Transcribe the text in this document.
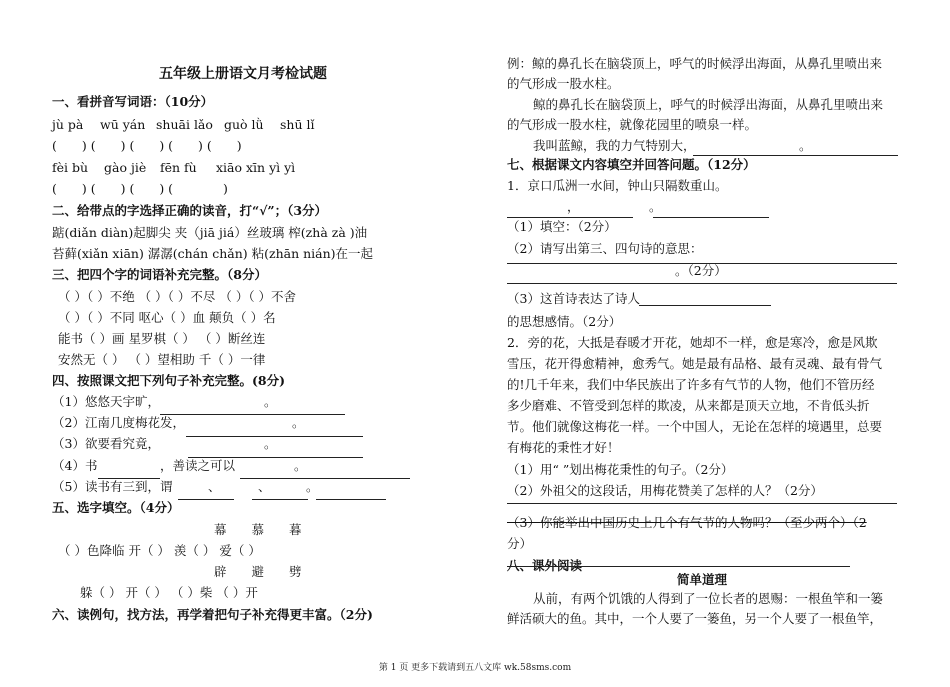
五年级上册语文月考检试题
一、看拼音写词语：（10分）
jù pà wū yán shuāi lǎo guò lǜ shū lǐ
(　　) (　　) (　　) (　　) (　　)
fèi bù gào jiè fēn fù xiāo xīn yì yì
(　　) (　　) (　　) (　　　　)
二、给带点的字选择正确的读音，打“√”；（3分）
踮(diǎn diàn)起脚尖 夹（jiā jiá）丝玻璃 榨(zhà zà )油
苔藓(xiǎn xiān) 潺潺(chán chǎn) 粘(zhān nián)在一起
三、把四个字的词语补充完整。（8分）
（ ）（ ）不绝 （ ）（ ）不尽 （ ）（ ）不舍
（ ）（ ）不同 呕心（ ）血 颠负（ ）名
能书（ ）画 星罗棋（ ） （ ）断丝连
安然无（ ） （ ）望相助 千（ ）一律
四、按照课文把下列句子补充完整。(8分)
（1）悠悠天宇旷，	。
（2）江南几度梅花发，	。
（3）欲要看究竟，	。
（4）书	，善读之可以	。
（5）读书有三到，谓	、	、	。
五、选字填空。（4分）
幕　　慕　　暮
（ ）色降临 开（ ） 羡（ ） 爱（ ）
辟　　避　　劈
躲（ ） 开（ ） （ ）柴 （ ）开
六、读例句，找方法，再学着把句子补充得更丰富。（2分)
例：鲸的鼻孔长在脑袋顶上，呼气的时候浮出海面，从鼻孔里喷出来
的气形成一股水柱。
鲸的鼻孔长在脑袋顶上，呼气的时候浮出海面，从鼻孔里喷出来
的气形成一股水柱，就像花园里的喷泉一样。
我叫蓝鲸，我的力气特别大，	。
七、根据课文内容填空并回答问题。（12分）
1．京口瓜洲一水间，钟山只隔数重山。
，	。
（1）填空：（2分）
（2）请写出第三、四句诗的意思：
。（2分）
（3）这首诗表达了诗人
的思想感情。（2分）
2．旁的花，大抵是春暖才开花，她却不一样，愈是寒冷，愈是风欺
雪压，花开得愈精神，愈秀气。她是最有品格、最有灵魂、最有骨气
的!几千年来，我们中华民族出了许多有气节的人物，他们不管历经
多少磨难、不管受到怎样的欺凌，从来都是顶天立地，不肯低头折
节。他们就像这梅花一样。一个中国人，无论在怎样的境遇里，总要
有梅花的秉性才好！
（1）用“ ”划出梅花秉性的句子。（2分）
（2）外祖父的这段话，用梅花赞美了怎样的人？（2分）
（3）你能举出中国历史上几个有气节的人物吗？（至少两个）（2
分）
八、课外阅读
简单道理
从前，有两个饥饿的人得到了一位长者的恩赐：一根鱼竿和一篓
鲜活硕大的鱼。其中，一个人要了一篓鱼，另一个人要了一根鱼竿，
第 1 页 更多下载请到五八文库 wk.58sms.com
